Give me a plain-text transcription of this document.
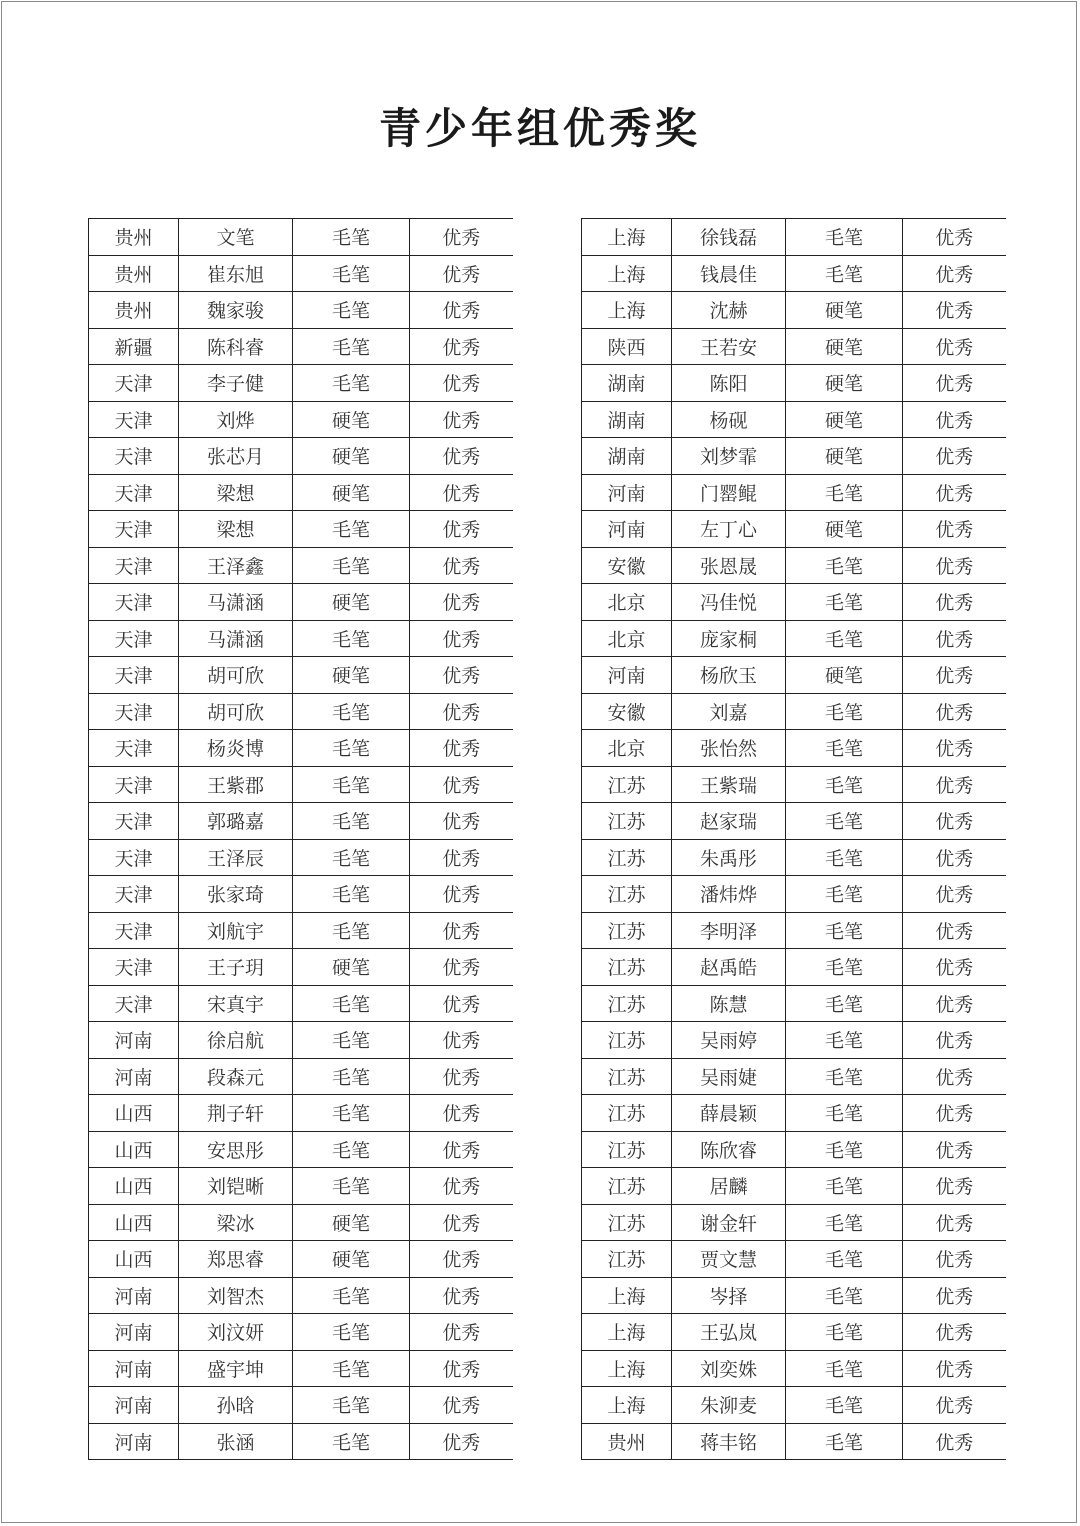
青少年组优秀奖
贵州	文笔	毛笔	优秀
贵州	崔东旭	毛笔	优秀
贵州	魏家骏	毛笔	优秀
新疆	陈科睿	毛笔	优秀
天津	李子健	毛笔	优秀
天津	刘烨	硬笔	优秀
天津	张芯月	硬笔	优秀
天津	梁想	硬笔	优秀
天津	梁想	毛笔	优秀
天津	王泽鑫	毛笔	优秀
天津	马潇涵	硬笔	优秀
天津	马潇涵	毛笔	优秀
天津	胡可欣	硬笔	优秀
天津	胡可欣	毛笔	优秀
天津	杨炎博	毛笔	优秀
天津	王紫郡	毛笔	优秀
天津	郭璐嘉	毛笔	优秀
天津	王泽辰	毛笔	优秀
天津	张家琦	毛笔	优秀
天津	刘航宇	毛笔	优秀
天津	王子玥	硬笔	优秀
天津	宋真宇	毛笔	优秀
河南	徐启航	毛笔	优秀
河南	段森元	毛笔	优秀
山西	荆子轩	毛笔	优秀
山西	安思彤	毛笔	优秀
山西	刘铠晰	毛笔	优秀
山西	梁冰	硬笔	优秀
山西	郑思睿	硬笔	优秀
河南	刘智杰	毛笔	优秀
河南	刘汶妍	毛笔	优秀
河南	盛宇坤	毛笔	优秀
河南	孙晗	毛笔	优秀
河南	张涵	毛笔	优秀
上海	徐钱磊	毛笔	优秀
上海	钱晨佳	毛笔	优秀
上海	沈赫	硬笔	优秀
陕西	王若安	硬笔	优秀
湖南	陈阳	硬笔	优秀
湖南	杨砚	硬笔	优秀
湖南	刘梦霏	硬笔	优秀
河南	门罂鲲	毛笔	优秀
河南	左丁心	硬笔	优秀
安徽	张恩晟	毛笔	优秀
北京	冯佳悦	毛笔	优秀
北京	庞家桐	毛笔	优秀
河南	杨欣玉	硬笔	优秀
安徽	刘嘉	毛笔	优秀
北京	张怡然	毛笔	优秀
江苏	王紫瑞	毛笔	优秀
江苏	赵家瑞	毛笔	优秀
江苏	朱禹彤	毛笔	优秀
江苏	潘炜烨	毛笔	优秀
江苏	李明泽	毛笔	优秀
江苏	赵禹皓	毛笔	优秀
江苏	陈慧	毛笔	优秀
江苏	吴雨婷	毛笔	优秀
江苏	吴雨婕	毛笔	优秀
江苏	薛晨颖	毛笔	优秀
江苏	陈欣睿	毛笔	优秀
江苏	居麟	毛笔	优秀
江苏	谢金轩	毛笔	优秀
江苏	贾文慧	毛笔	优秀
上海	岑择	毛笔	优秀
上海	王弘岚	毛笔	优秀
上海	刘奕姝	毛笔	优秀
上海	朱泖麦	毛笔	优秀
贵州	蒋丰铭	毛笔	优秀
